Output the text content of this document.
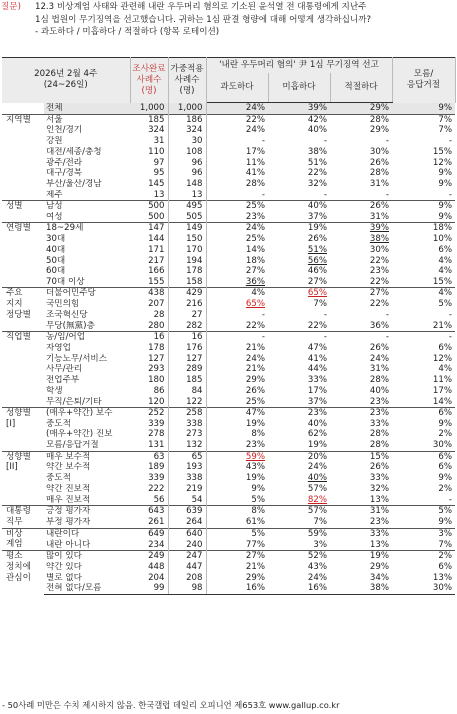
질문) 12.3 비상계엄 사태와 관련해 내란 우두머리 혐의로 기소된 윤석열 전 대통령에게 지난주
1심 법원이 무기징역을 선고했습니다. 귀하는 1심 판결 형량에 대해 어떻게 생각하십니까?
- 과도하다 / 미흡하다 / 적절하다 (항목 로테이션)
2026년 2월 4주
(24~26일)		조사완료
사례수
(명)	가중적용
사례수
(명)	'내란 우두머리 혐의' 尹 1심 무기징역 선고			모름/
응답거절
				과도하다	미흡하다	적절하다	
	전체	1,000	1,000	24%	39%	29%	9%
지역별	서울	185	186	22%	42%	28%	7%
	인천/경기	324	324	24%	40%	29%	7%
	강원	31	30	-	-	-	-
	대전/세종/충청	110	108	17%	38%	30%	15%
	광주/전라	97	96	11%	51%	26%	12%
	대구/경북	95	96	41%	22%	28%	9%
	부산/울산/경남	145	148	28%	32%	31%	9%
	제주	13	13	-	-	-	-
성별	남성	500	495	25%	40%	26%	9%
	여성	500	505	23%	37%	31%	9%
연령별	18~29세	147	149	24%	19%	39%	18%
	30대	144	150	25%	26%	38%	10%
	40대	171	170	14%	51%	30%	6%
	50대	217	194	18%	56%	22%	4%
	60대	166	178	27%	46%	23%	4%
	70대 이상	155	158	36%	27%	22%	15%
주요
지지
정당별	더불어민주당	438	429	4%	65%	27%	4%
	국민의힘	207	216	65%	7%	22%	5%
	조국혁신당	28	27	-	-	-	-
	무당(無黨)층	280	282	22%	22%	36%	21%
직업별	농/임/어업	16	16	-	-	-	-
	자영업	178	176	21%	47%	26%	6%
	기능노무/서비스	127	127	24%	41%	24%	12%
	사무/관리	293	289	21%	44%	31%	4%
	전업주부	180	185	29%	33%	28%	11%
	학생	86	84	26%	17%	40%	17%
	무직/은퇴/기타	120	122	25%	37%	23%	14%
성향별
[I]	(매우+약간) 보수	252	258	47%	23%	23%	6%
	중도적	339	338	19%	40%	33%	9%
	(매우+약간) 진보	278	273	8%	62%	28%	2%
	모름/응답거절	131	132	23%	19%	28%	30%
성향별
[II]	매우 보수적	63	65	59%	20%	15%	6%
	약간 보수적	189	193	43%	24%	26%	6%
	중도적	339	338	19%	40%	33%	9%
	약간 진보적	222	219	9%	57%	32%	2%
	매우 진보적	56	54	5%	82%	13%	-
대통령
직무	긍정 평가자	643	639	8%	57%	31%	5%
	부정 평가자	261	264	61%	7%	23%	9%
비상
계엄	내란이다	649	640	5%	59%	33%	3%
	내란 아니다	234	240	77%	3%	13%	7%
평소
정치에
관심이	많이 있다	249	247	27%	52%	19%	2%
	약간 있다	448	447	21%	43%	29%	6%
	별로 없다	204	208	29%	24%	34%	13%
	전혀 없다/모름	99	98	16%	16%	38%	30%
- 50사례 미만은 수치 제시하지 않음. 한국갤럽 데일리 오피니언 제653호 www.gallup.co.kr
